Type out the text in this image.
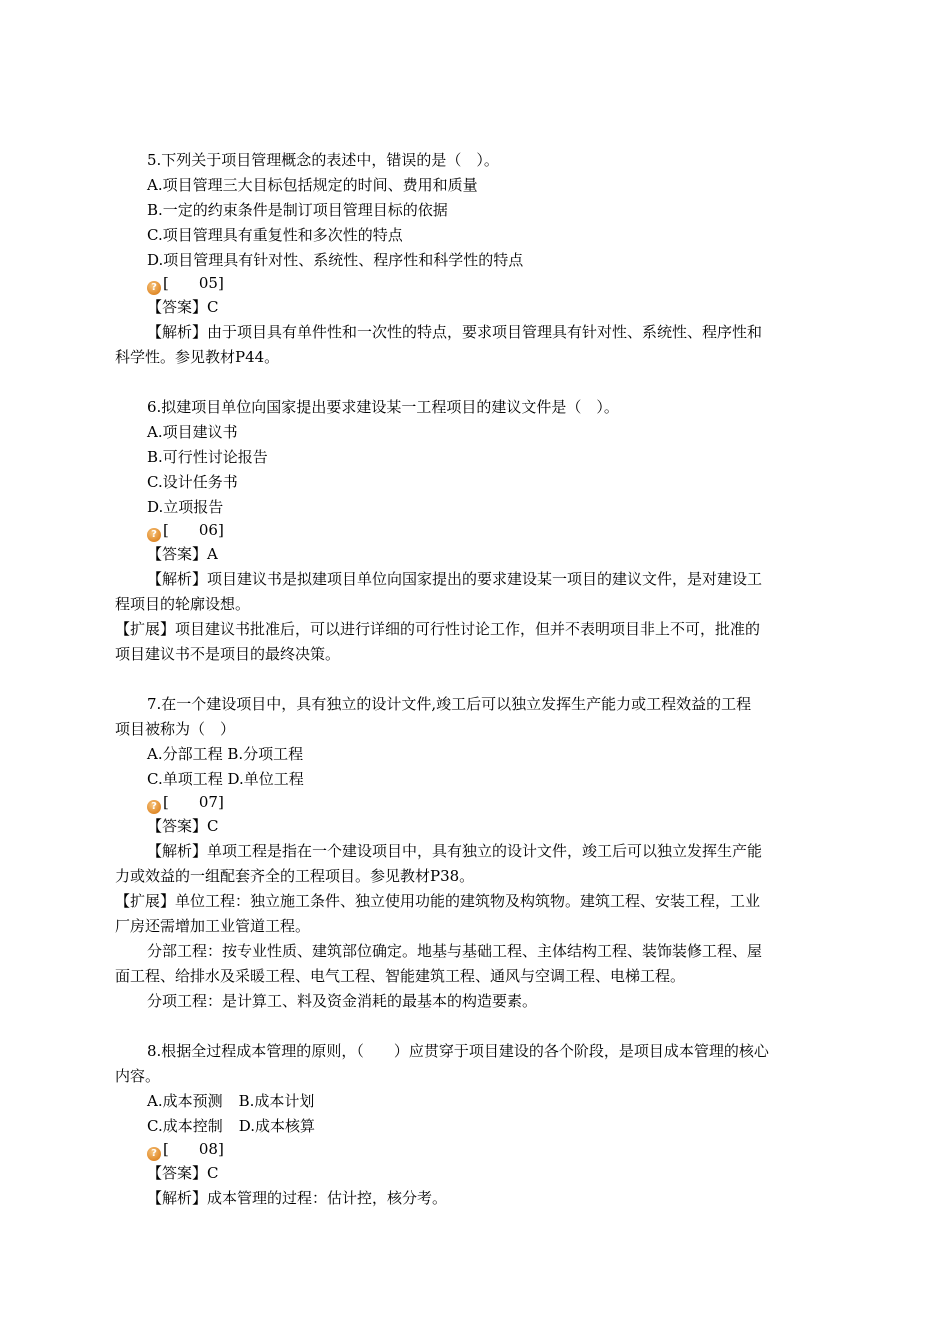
5.下列关于项目管理概念的表述中，错误的是（　）。

A.项目管理三大目标包括规定的时间、费用和质量

B.一定的约束条件是制订项目管理目标的依据

C.项目管理具有重复性和多次性的特点

D.项目管理具有针对性、系统性、程序性和科学性的特点

? [　　05]

【答案】C

【解析】由于项目具有单件性和一次性的特点，要求项目管理具有针对性、系统性、程序性和

科学性。参见教材P44。

6.拟建项目单位向国家提出要求建设某一工程项目的建议文件是（　）。

A.项目建议书

B.可行性讨论报告

C.设计任务书

D.立项报告

? [　　06]

【答案】A

【解析】项目建议书是拟建项目单位向国家提出的要求建设某一项目的建议文件，是对建设工

程项目的轮廓设想。

【扩展】项目建议书批准后，可以进行详细的可行性讨论工作，但并不表明项目非上不可，批准的

项目建议书不是项目的最终决策。

7.在一个建设项目中，具有独立的设计文件,竣工后可以独立发挥生产能力或工程效益的工程

项目被称为（　）

A.分部工程 B.分项工程

C.单项工程 D.单位工程

? [　　07]

【答案】C

【解析】单项工程是指在一个建设项目中，具有独立的设计文件，竣工后可以独立发挥生产能

力或效益的一组配套齐全的工程项目。参见教材P38。

【扩展】单位工程：独立施工条件、独立使用功能的建筑物及构筑物。建筑工程、安装工程，工业

厂房还需增加工业管道工程。

分部工程：按专业性质、建筑部位确定。地基与基础工程、主体结构工程、装饰装修工程、屋

面工程、给排水及采暖工程、电气工程、智能建筑工程、通风与空调工程、电梯工程。

分项工程：是计算工、料及资金消耗的最基本的构造要素。

8.根据全过程成本管理的原则，（　　）应贯穿于项目建设的各个阶段，是项目成本管理的核心

内容。

A.成本预测 B.成本计划

C.成本控制 D.成本核算

? [　　08]

【答案】C

【解析】成本管理的过程：估计控，核分考。
